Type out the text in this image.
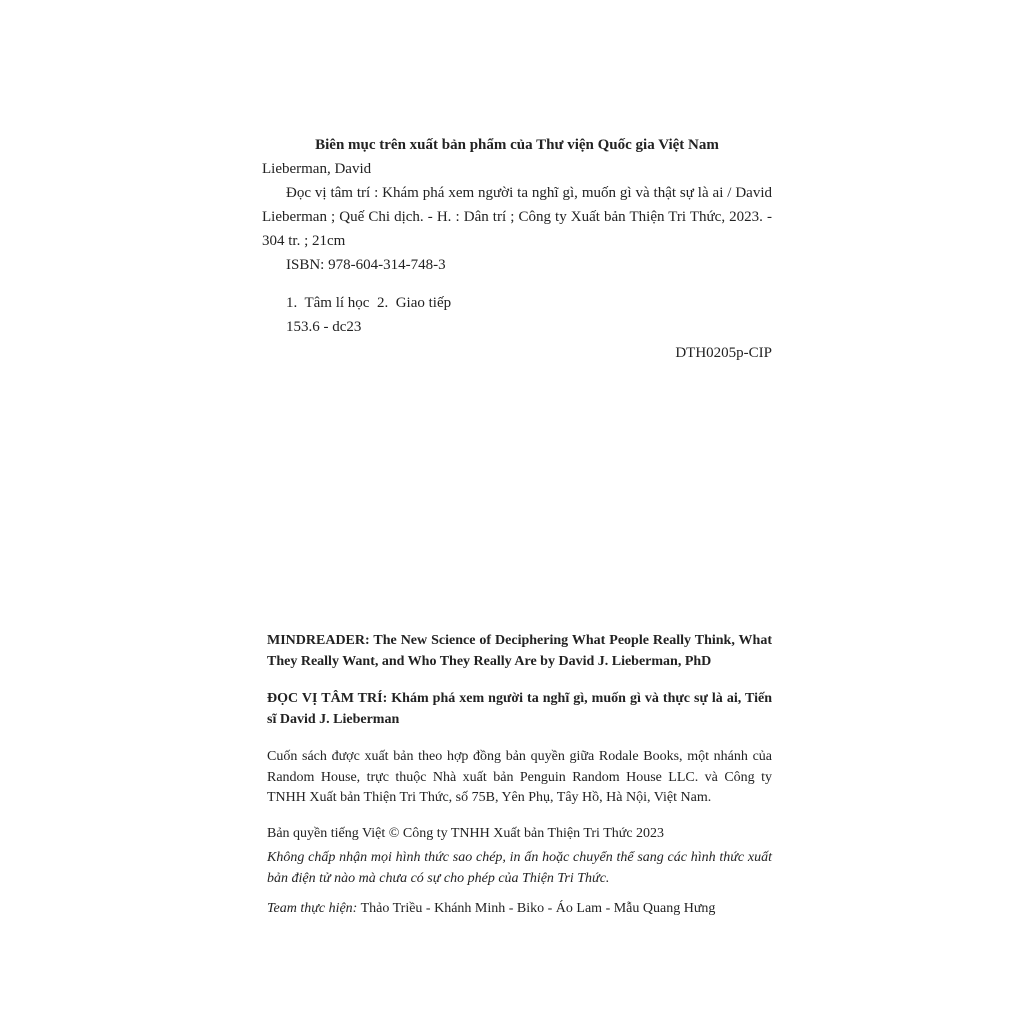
Biên mục trên xuất bản phẩm của Thư viện Quốc gia Việt Nam
Lieberman, David
Đọc vị tâm trí : Khám phá xem người ta nghĩ gì, muốn gì và thật sự là ai / David Lieberman ; Quế Chi dịch. - H. : Dân trí ; Công ty Xuất bản Thiện Tri Thức, 2023. - 304 tr. ; 21cm
ISBN: 978-604-314-748-3
1.  Tâm lí học  2.  Giao tiếp
153.6 - dc23
DTH0205p-CIP

MINDREADER: The New Science of Deciphering What People Really Think, What They Really Want, and Who They Really Are by David J. Lieberman, PhD

ĐỌC VỊ TÂM TRÍ: Khám phá xem người ta nghĩ gì, muốn gì và thực sự là ai, Tiến sĩ David J. Lieberman

Cuốn sách được xuất bản theo hợp đồng bản quyền giữa Rodale Books, một nhánh của Random House, trực thuộc Nhà xuất bản Penguin Random House LLC. và Công ty TNHH Xuất bản Thiện Tri Thức, số 75B, Yên Phụ, Tây Hồ, Hà Nội, Việt Nam.

Bản quyền tiếng Việt © Công ty TNHH Xuất bản Thiện Tri Thức 2023

Không chấp nhận mọi hình thức sao chép, in ấn hoặc chuyển thể sang các hình thức xuất bản điện tử nào mà chưa có sự cho phép của Thiện Tri Thức.

Team thực hiện: Thảo Triều - Khánh Minh - Biko - Áo Lam - Mẫu Quang Hưng
